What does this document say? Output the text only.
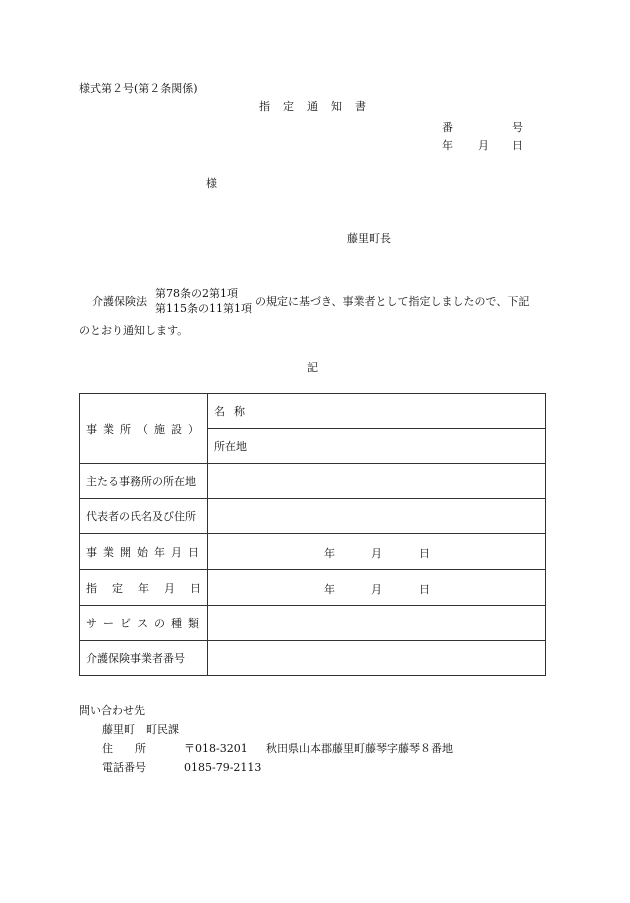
様式第２号(第２条関係)
指定通知書
番	号
年 月 日
様
藤里町長
介護保険法
第78条の2第1項
第115条の11第1項
の規定に基づき、事業者として指定しましたので、下記
のとおり通知します。
記
事業所（施設）	名称
	所在地
主たる事務所の所在地	
代表者の氏名及び住所	
事業開始年月日	年 月 日

指定年月日	年 月 日

サービスの種類	
介護保険事業者番号	
問い合わせ先
藤里町　町民課
住所 〒018-3201 秋田県山本郡藤里町藤琴字藤琴８番地
電話番号	0185-79-2113
